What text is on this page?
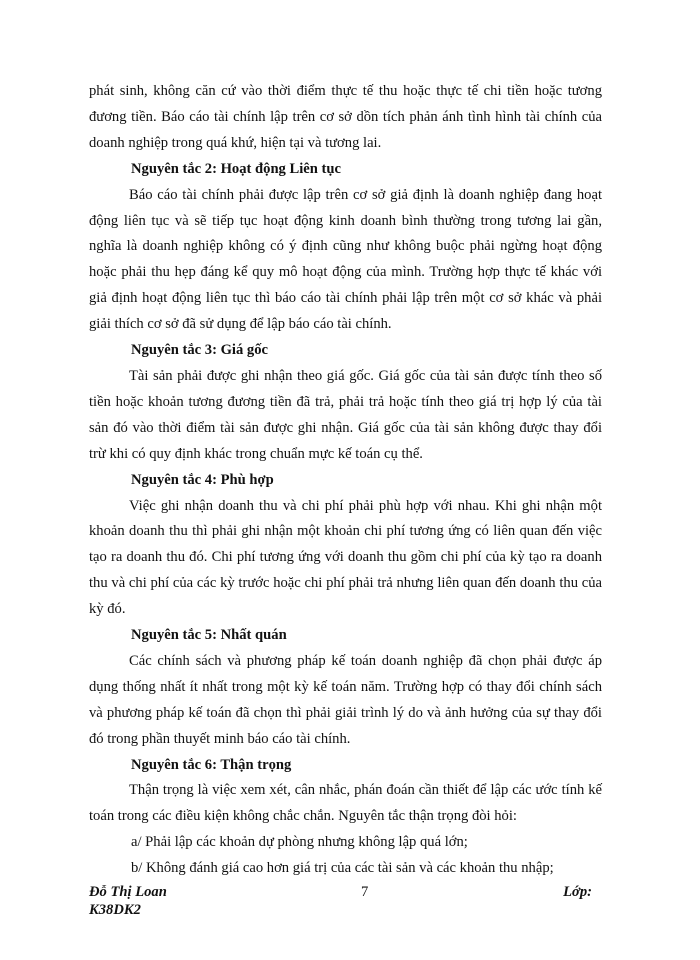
phát sinh, không căn cứ vào thời điểm thực tế thu hoặc thực tế chi tiền hoặc tương đương tiền. Báo cáo tài chính lập trên cơ sở dồn tích phản ánh tình hình tài chính của doanh nghiệp trong quá khứ, hiện tại và tương lai.

Nguyên tắc 2: Hoạt động Liên tục

Báo cáo tài chính phải được lập trên cơ sở giả định là doanh nghiệp đang hoạt động liên tục và sẽ tiếp tục hoạt động kinh doanh bình thường trong tương lai gần, nghĩa là doanh nghiệp không có ý định cũng như không buộc phải ngừng hoạt động hoặc phải thu hẹp đáng kể quy mô hoạt động của mình. Trường hợp thực tế khác với giả định hoạt động liên tục thì báo cáo tài chính phải lập trên một cơ sở khác và phải giải thích cơ sở đã sử dụng để lập báo cáo tài chính.

Nguyên tắc 3: Giá gốc

Tài sản phải được ghi nhận theo giá gốc. Giá gốc của tài sản được tính theo số tiền hoặc khoản tương đương tiền đã trả, phải trả hoặc tính theo giá trị hợp lý của tài sản đó vào thời điểm tài sản được ghi nhận. Giá gốc của tài sản không được thay đổi trừ khi có quy định khác trong chuẩn mực kế toán cụ thể.

Nguyên tắc 4: Phù hợp

Việc ghi nhận doanh thu và chi phí phải phù hợp với nhau. Khi ghi nhận một khoản doanh thu thì phải ghi nhận một khoản chi phí tương ứng có liên quan đến việc tạo ra doanh thu đó. Chi phí tương ứng với doanh thu gồm chi phí của kỳ tạo ra doanh thu và chi phí của các kỳ trước hoặc chi phí phải trả nhưng liên quan đến doanh thu của kỳ đó.

Nguyên tắc 5: Nhất quán

Các chính sách và phương pháp kế toán doanh nghiệp đã chọn phải được áp dụng thống nhất ít nhất trong một kỳ kế toán năm. Trường hợp có thay đổi chính sách và phương pháp kế toán đã chọn thì phải giải trình lý do và ảnh hưởng của sự thay đổi đó trong phần thuyết minh báo cáo tài chính.

Nguyên tắc 6: Thận trọng

Thận trọng là việc xem xét, cân nhắc, phán đoán cần thiết để lập các ước tính kế toán trong các điều kiện không chắc chắn. Nguyên tắc thận trọng đòi hỏi:

a/ Phải lập các khoản dự phòng nhưng không lập quá lớn;

b/ Không đánh giá cao hơn giá trị của các tài sản và các khoản thu nhập;

Đỗ Thị Loan
K38DK2
7	Lớp:
